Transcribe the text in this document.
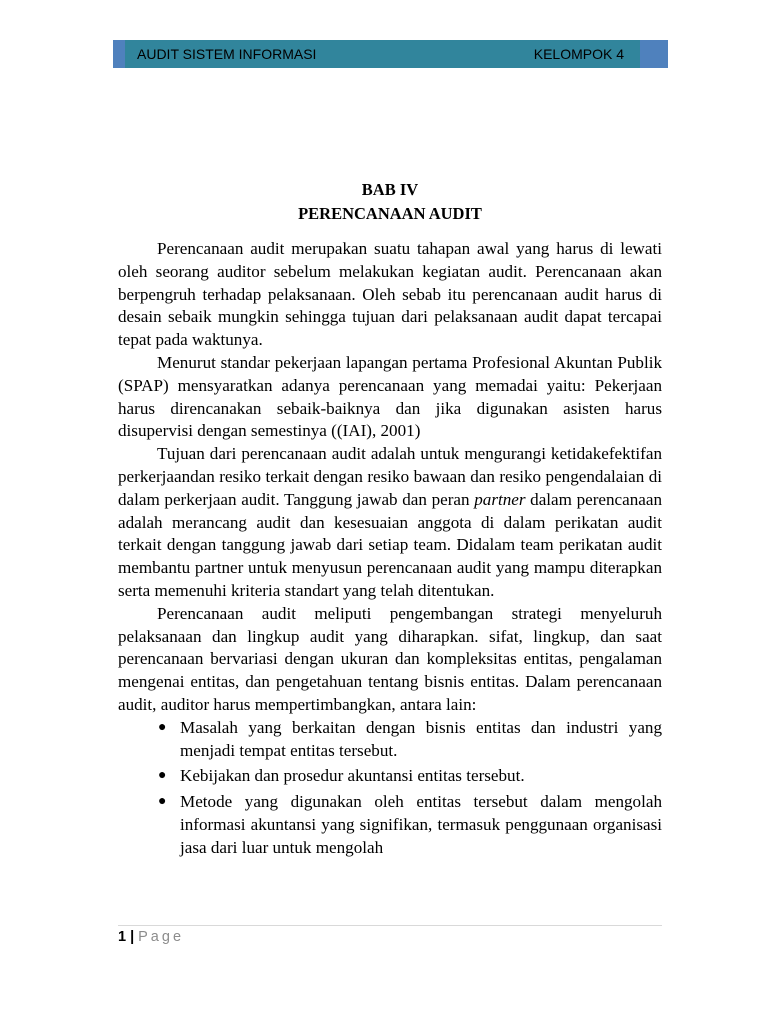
AUDIT SISTEM INFORMASI	KELOMPOK 4
BAB IV
PERENCANAAN AUDIT

Perencanaan audit merupakan suatu tahapan awal yang harus di lewati oleh seorang auditor sebelum melakukan kegiatan audit. Perencanaan akan berpengruh terhadap pelaksanaan. Oleh sebab itu perencanaan audit harus di desain sebaik mungkin sehingga tujuan dari pelaksanaan audit dapat tercapai tepat pada waktunya.

Menurut standar pekerjaan lapangan pertama Profesional Akuntan Publik (SPAP) mensyaratkan adanya perencanaan yang memadai yaitu: Pekerjaan harus direncanakan sebaik-baiknya dan jika digunakan asisten harus disupervisi dengan semestinya ((IAI), 2001)

Tujuan dari perencanaan audit adalah untuk mengurangi ketidakefektifan perkerjaandan resiko terkait dengan resiko bawaan dan resiko pengendalaian di dalam perkerjaan audit. Tanggung jawab dan peran partner dalam perencanaan adalah merancang audit dan kesesuaian anggota di dalam perikatan audit terkait dengan tanggung jawab dari setiap team. Didalam team perikatan audit membantu partner untuk menyusun perencanaan audit yang mampu diterapkan serta memenuhi kriteria standart yang telah ditentukan.

Perencanaan audit meliputi pengembangan strategi menyeluruh pelaksanaan dan lingkup audit yang diharapkan. sifat, lingkup, dan saat perencanaan bervariasi dengan ukuran dan kompleksitas entitas, pengalaman mengenai entitas, dan pengetahuan tentang bisnis entitas. Dalam perencanaan audit, auditor harus mempertimbangkan, antara lain:

● Masalah yang berkaitan dengan bisnis entitas dan industri yang menjadi tempat entitas tersebut.
● Kebijakan dan prosedur akuntansi entitas tersebut.
● Metode yang digunakan oleh entitas tersebut dalam mengolah informasi akuntansi yang signifikan, termasuk penggunaan organisasi jasa dari luar untuk mengolah
1 | Page
